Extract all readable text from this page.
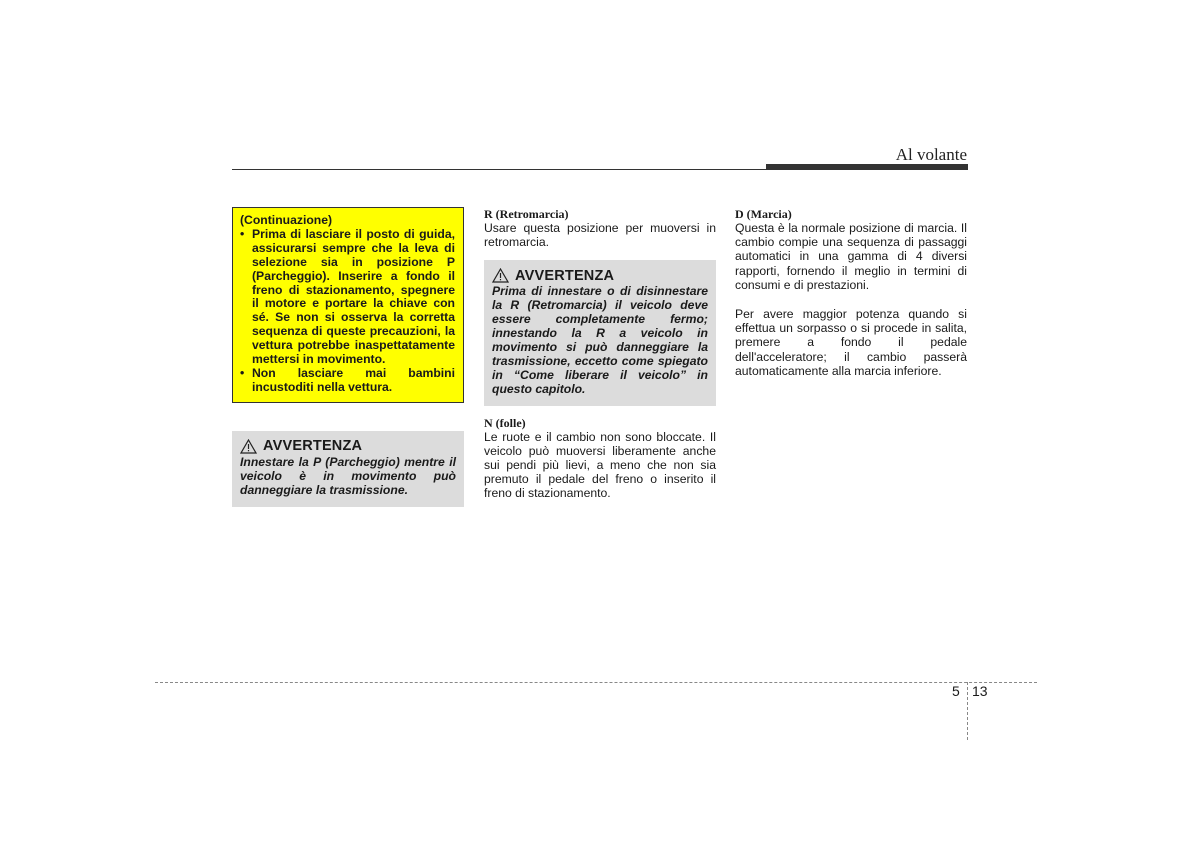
Al volante
(Continuazione)
• Prima di lasciare il posto di guida, assicurarsi sempre che la leva di selezione sia in posizione P (Parcheggio). Inserire a fondo il freno di stazionamento, spegnere il motore e portare la chiave con sé. Se non si osserva la corretta sequenza di queste precauzioni, la vettura potrebbe inaspettatamente mettersi in movimento.
• Non lasciare mai bambini incustoditi nella vettura.
AVVERTENZA
Innestare la P (Parcheggio) mentre il veicolo è in movimento può danneggiare la trasmissione.
R (Retromarcia)
Usare questa posizione per muoversi in retromarcia.
AVVERTENZA
Prima di innestare o di disinnestare la R (Retromarcia) il veicolo deve essere completamente fermo; innestando la R a veicolo in movimento si può danneggiare la trasmissione, eccetto come spiegato in “Come liberare il veicolo” in questo capitolo.
N (folle)
Le ruote e il cambio non sono bloccate. Il veicolo può muoversi liberamente anche sui pendi più lievi, a meno che non sia premuto il pedale del freno o inserito il freno di stazionamento.
D (Marcia)
Questa è la normale posizione di marcia. Il cambio compie una sequenza di passaggi automatici in una gamma di 4 diversi rapporti, fornendo il meglio in termini di consumi e di prestazioni.
Per avere maggior potenza quando si effettua un sorpasso o si procede in salita, premere a fondo il pedale dell'acceleratore; il cambio passerà automaticamente alla marcia inferiore.
5 13
